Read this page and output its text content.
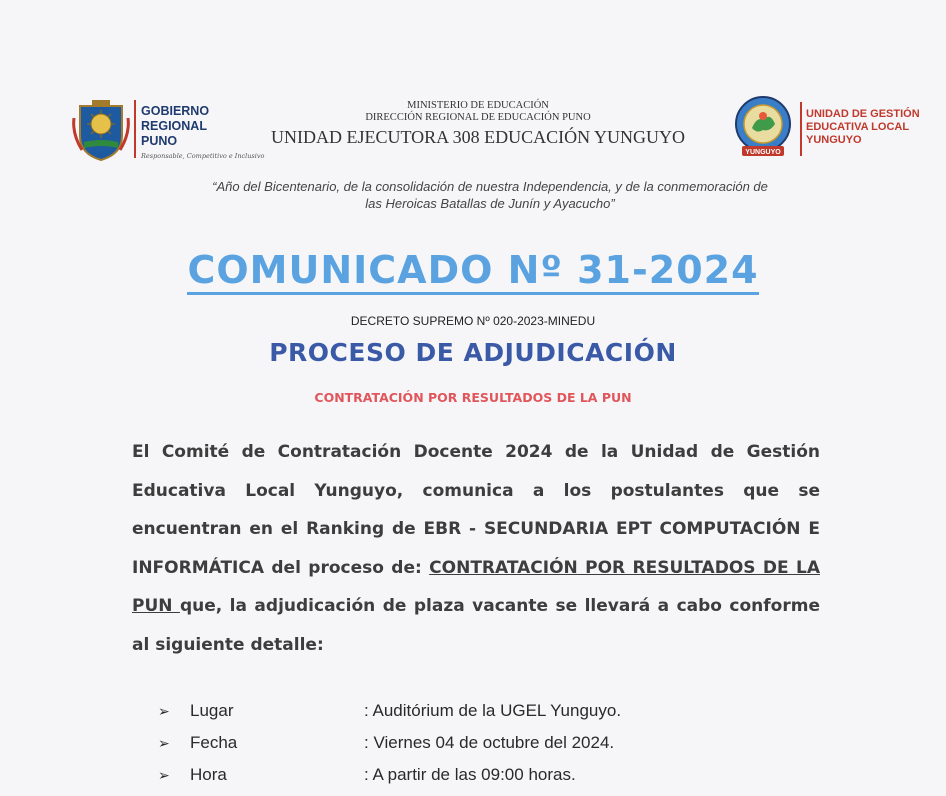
GOBIERNO
REGIONAL
PUNO
Responsable, Competitivo e Inclusivo
MINISTERIO DE EDUCACIÓN
DIRECCIÓN REGIONAL DE EDUCACIÓN PUNO
UNIDAD EJECUTORA 308 EDUCACIÓN YUNGUYO
YUNGUYO
UNIDAD DE GESTIÓN
EDUCATIVA LOCAL
YUNGUYO
“Año del Bicentenario, de la consolidación de nuestra Independencia, y de la conmemoración de
las Heroicas Batallas de Junín y Ayacucho”
COMUNICADO Nº 31-2024
DECRETO SUPREMO Nº 020-2023-MINEDU
PROCESO DE ADJUDICACIÓN
CONTRATACIÓN POR RESULTADOS DE LA PUN
El Comité de Contratación Docente 2024 de la Unidad de Gestión Educativa Local Yunguyo, comunica a los postulantes que se encuentran en el Ranking de EBR - SECUNDARIA EPT COMPUTACIÓN E INFORMÁTICA del proceso de: CONTRATACIÓN POR RESULTADOS DE LA PUN que, la adjudicación de plaza vacante se llevará a cabo conforme al siguiente detalle:
➢	Lugar	: Auditórium de la UGEL Yunguyo.
➢	Fecha	: Viernes 04 de octubre del 2024.
➢	Hora	: A partir de las 09:00 horas.
